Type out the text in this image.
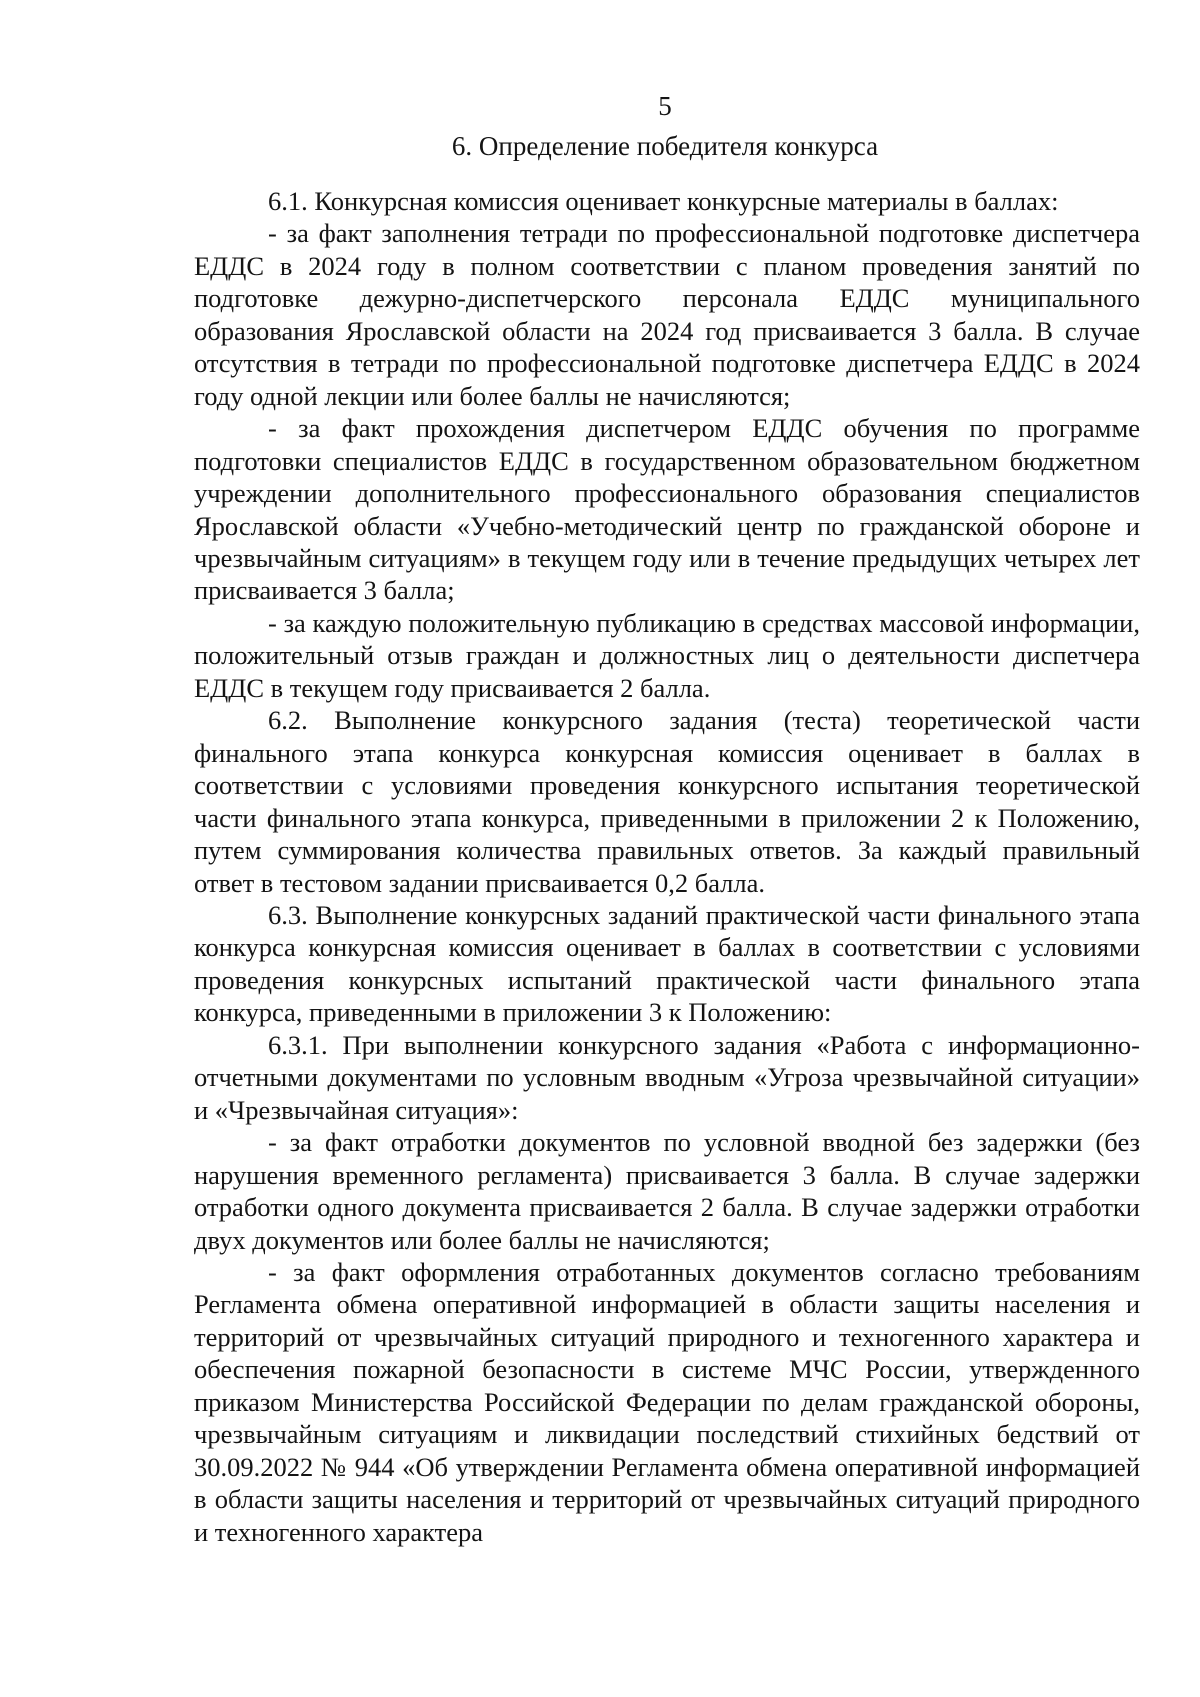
5
6. Определение победителя конкурса

6.1. Конкурсная комиссия оценивает конкурсные материалы в баллах:

- за факт заполнения тетради по профессиональной подготовке диспетчера ЕДДС в 2024 году в полном соответствии с планом проведения занятий по подготовке дежурно-диспетчерского персонала ЕДДС муниципального образования Ярославской области на 2024 год присваивается 3 балла. В случае отсутствия в тетради по профессиональной подготовке диспетчера ЕДДС в 2024 году одной лекции или более баллы не начисляются;

- за факт прохождения диспетчером ЕДДС обучения по программе подготовки специалистов ЕДДС в государственном образовательном бюджетном учреждении дополнительного профессионального образования специалистов Ярославской области «Учебно-методический центр по гражданской обороне и чрезвычайным ситуациям» в текущем году или в течение предыдущих четырех лет присваивается 3 балла;

- за каждую положительную публикацию в средствах массовой информации, положительный отзыв граждан и должностных лиц о деятельности диспетчера ЕДДС в текущем году присваивается 2 балла.

6.2. Выполнение конкурсного задания (теста) теоретической части финального этапа конкурса конкурсная комиссия оценивает в баллах в соответствии с условиями проведения конкурсного испытания теоретической части финального этапа конкурса, приведенными в приложении 2 к Положению, путем суммирования количества правильных ответов. За каждый правильный ответ в тестовом задании присваивается 0,2 балла.

6.3. Выполнение конкурсных заданий практической части финального этапа конкурса конкурсная комиссия оценивает в баллах в соответствии с условиями проведения конкурсных испытаний практической части финального этапа конкурса, приведенными в приложении 3 к Положению:

6.3.1. При выполнении конкурсного задания «Работа с информационно-отчетными документами по условным вводным «Угроза чрезвычайной ситуации» и «Чрезвычайная ситуация»:

- за факт отработки документов по условной вводной без задержки (без нарушения временного регламента) присваивается 3 балла. В случае задержки отработки одного документа присваивается 2 балла. В случае задержки отработки двух документов или более баллы не начисляются;

- за факт оформления отработанных документов согласно требованиям Регламента обмена оперативной информацией в области защиты населения и территорий от чрезвычайных ситуаций природного и техногенного характера и обеспечения пожарной безопасности в системе МЧС России, утвержденного приказом Министерства Российской Федерации по делам гражданской обороны, чрезвычайным ситуациям и ликвидации последствий стихийных бедствий от 30.09.2022 № 944 «Об утверждении Регламента обмена оперативной информацией в области защиты населения и территорий от чрезвычайных ситуаций природного и техногенного характера
